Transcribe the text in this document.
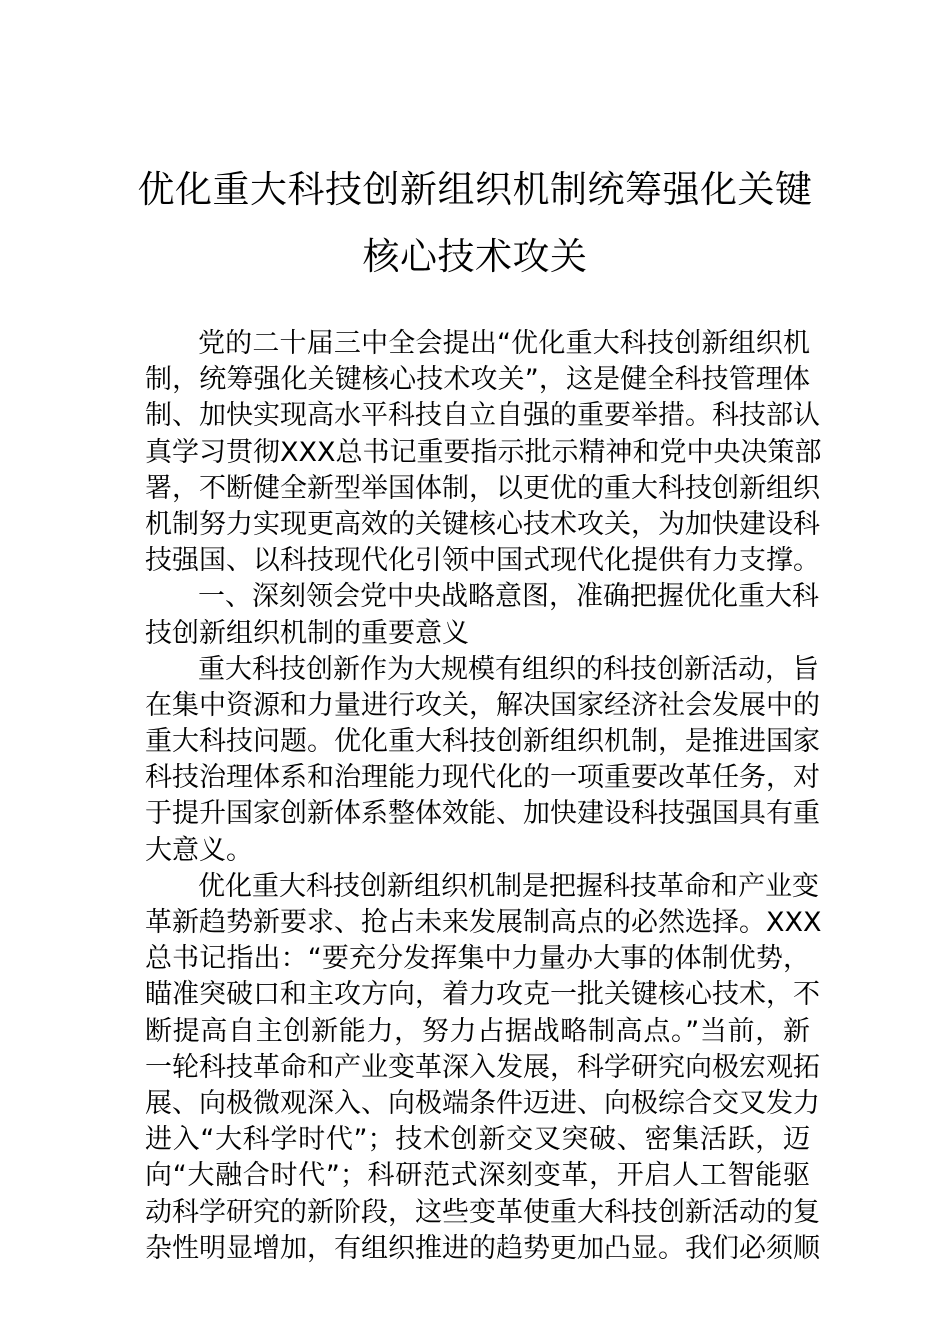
优化重大科技创新组织机制统筹强化关键
核心技术攻关
党的二十届三中全会提出“优化重大科技创新组织机
制，统筹强化关键核心技术攻关”，这是健全科技管理体
制、加快实现高水平科技自立自强的重要举措。科技部认
真学习贯彻XXX总书记重要指示批示精神和党中央决策部
署，不断健全新型举国体制，以更优的重大科技创新组织
机制努力实现更高效的关键核心技术攻关，为加快建设科
技强国、以科技现代化引领中国式现代化提供有力支撑。
一、深刻领会党中央战略意图，准确把握优化重大科
技创新组织机制的重要意义
重大科技创新作为大规模有组织的科技创新活动，旨
在集中资源和力量进行攻关，解决国家经济社会发展中的
重大科技问题。优化重大科技创新组织机制，是推进国家
科技治理体系和治理能力现代化的一项重要改革任务，对
于提升国家创新体系整体效能、加快建设科技强国具有重
大意义。
优化重大科技创新组织机制是把握科技革命和产业变
革新趋势新要求、抢占未来发展制高点的必然选择。XXX
总书记指出：“要充分发挥集中力量办大事的体制优势，
瞄准突破口和主攻方向，着力攻克一批关键核心技术，不
断提高自主创新能力，努力占据战略制高点。”当前，新
一轮科技革命和产业变革深入发展，科学研究向极宏观拓
展、向极微观深入、向极端条件迈进、向极综合交叉发力
进入“大科学时代”；技术创新交叉突破、密集活跃，迈
向“大融合时代”；科研范式深刻变革，开启人工智能驱
动科学研究的新阶段，这些变革使重大科技创新活动的复
杂性明显增加，有组织推进的趋势更加凸显。我们必须顺
